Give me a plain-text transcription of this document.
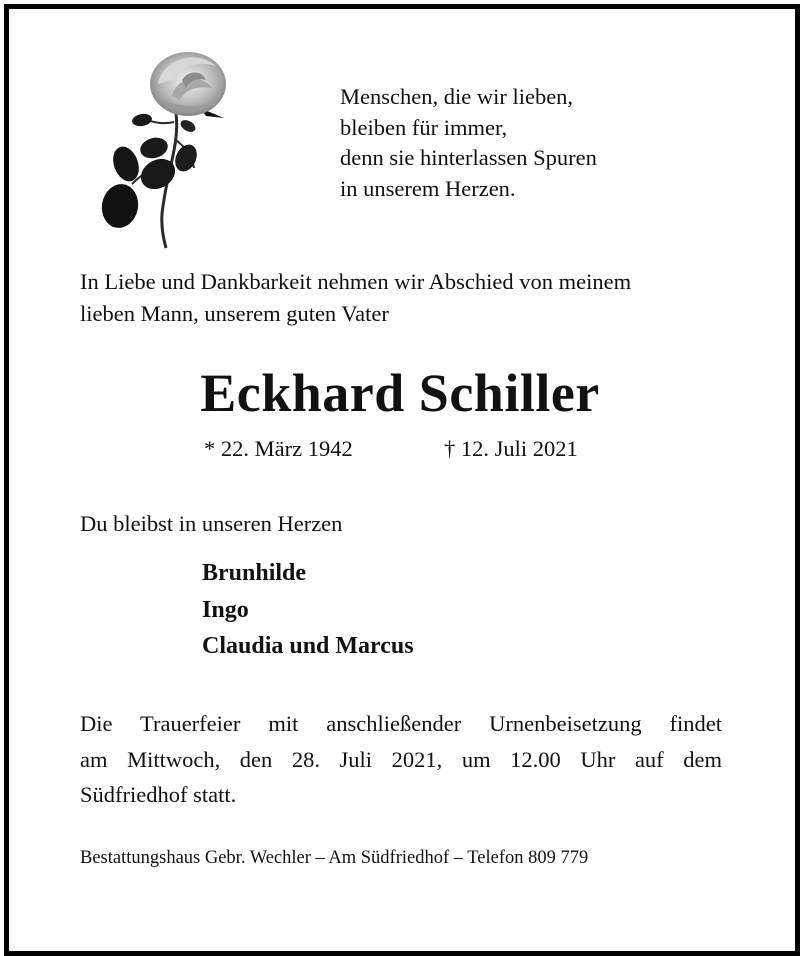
Menschen, die wir lieben,
bleiben für immer,
denn sie hinterlassen Spuren
in unserem Herzen.
In Liebe und Dankbarkeit nehmen wir Abschied von meinem
lieben Mann, unserem guten Vater
Eckhard Schiller
* 22. März 1942	† 12. Juli 2021
Du bleibst in unseren Herzen
Brunhilde
Ingo
Claudia und Marcus
Die Trauerfeier mit anschließender Urnenbeisetzung findet
am Mittwoch, den 28. Juli 2021, um 12.00 Uhr auf dem
Südfriedhof statt.
Bestattungshaus Gebr. Wechler – Am Südfriedhof – Telefon 809 779
